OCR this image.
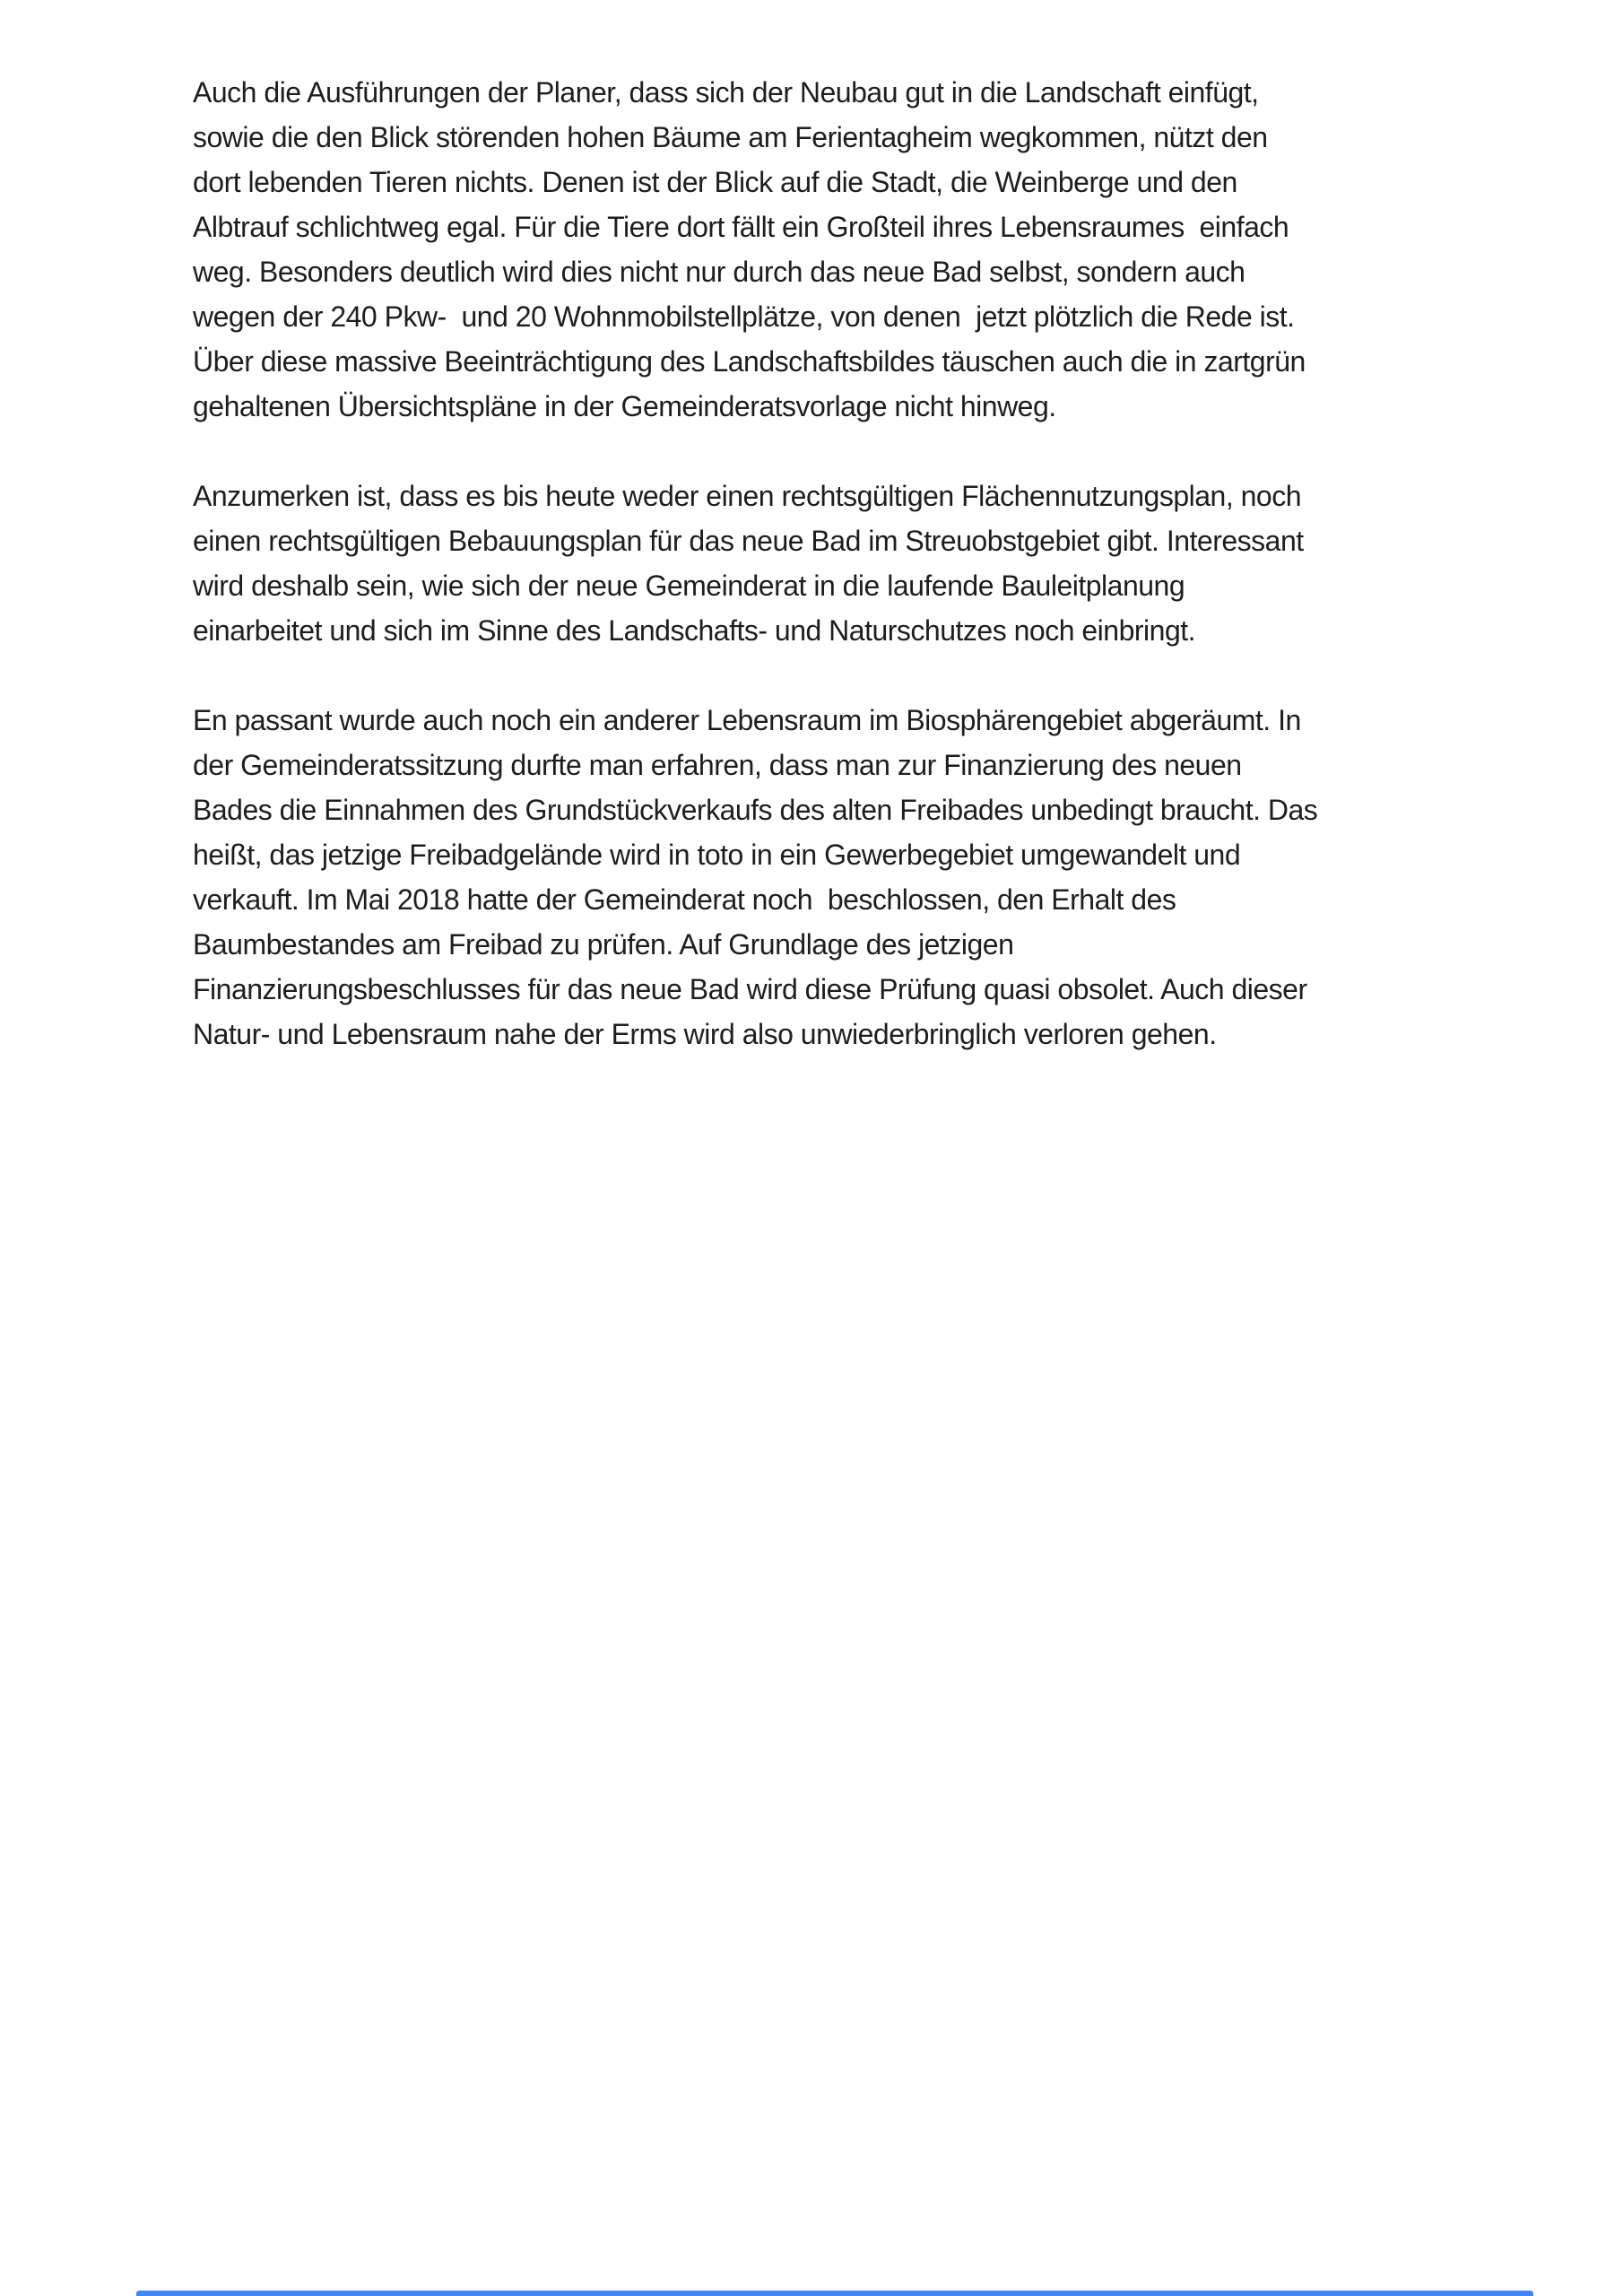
Auch die Ausführungen der Planer, dass sich der Neubau gut in die Landschaft einfügt,
sowie die den Blick störenden hohen Bäume am Ferientagheim wegkommen, nützt den
dort lebenden Tieren nichts. Denen ist der Blick auf die Stadt, die Weinberge und den
Albtrauf schlichtweg egal. Für die Tiere dort fällt ein Großteil ihres Lebensraumes  einfach
weg. Besonders deutlich wird dies nicht nur durch das neue Bad selbst, sondern auch
wegen der 240 Pkw-  und 20 Wohnmobilstellplätze, von denen  jetzt plötzlich die Rede ist.
Über diese massive Beeinträchtigung des Landschaftsbildes täuschen auch die in zartgrün
gehaltenen Übersichtspläne in der Gemeinderatsvorlage nicht hinweg.
Anzumerken ist, dass es bis heute weder einen rechtsgültigen Flächennutzungsplan, noch
einen rechtsgültigen Bebauungsplan für das neue Bad im Streuobstgebiet gibt. Interessant
wird deshalb sein, wie sich der neue Gemeinderat in die laufende Bauleitplanung
einarbeitet und sich im Sinne des Landschafts- und Naturschutzes noch einbringt.
En passant wurde auch noch ein anderer Lebensraum im Biosphärengebiet abgeräumt. In
der Gemeinderatssitzung durfte man erfahren, dass man zur Finanzierung des neuen
Bades die Einnahmen des Grundstückverkaufs des alten Freibades unbedingt braucht. Das
heißt, das jetzige Freibadgelände wird in toto in ein Gewerbegebiet umgewandelt und
verkauft. Im Mai 2018 hatte der Gemeinderat noch  beschlossen, den Erhalt des
Baumbestandes am Freibad zu prüfen. Auf Grundlage des jetzigen
Finanzierungsbeschlusses für das neue Bad wird diese Prüfung quasi obsolet. Auch dieser
Natur- und Lebensraum nahe der Erms wird also unwiederbringlich verloren gehen.
